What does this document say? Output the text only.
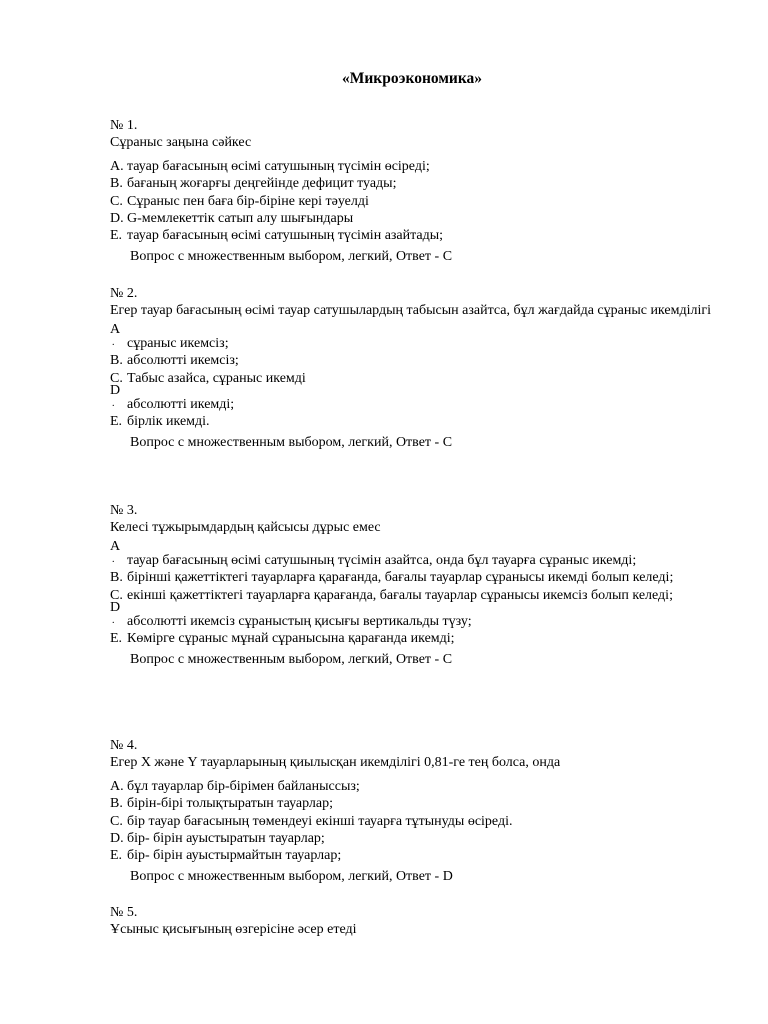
«Микроэкономика»
№ 1.
Сұраныс заңына сәйкес
A. тауар бағасының өсімі сатушының түсімін өсіреді;
B. бағаның жоғарғы деңгейінде дефицит туады;
C. Сұраныс пен баға бір-біріне кері тәуелді
D. G-мемлекеттік сатып алу шығындары
E. тауар бағасының өсімі сатушының түсімін азайтады;
Вопрос с множественным выбором, легкий, Ответ - C
№ 2.
Егер тауар бағасының өсімі тауар сатушылардың табысын азайтса, бұл жағдайда сұраныс икемділігі
A
. сұраныс икемсіз;
B. абсолютті икемсіз;
C. Табыс азайса, сұраныс икемді
D
. абсолютті икемді;
E. бірлік икемді.
Вопрос с множественным выбором, легкий, Ответ - C
№ 3.
Келесі тұжырымдардың қайсысы дұрыс емес
A
. тауар бағасының өсімі сатушының түсімін азайтса, онда бұл тауарға сұраныс икемді;
B. бірінші қажеттіктегі тауарларға қарағанда, бағалы тауарлар сұранысы икемді болып келеді;
C. екінші қажеттіктегі тауарларға қарағанда, бағалы тауарлар сұранысы икемсіз болып келеді;
D
. абсолютті икемсіз сұраныстың қисығы вертикальды түзу;
E. Көмірге сұраныс мұнай сұранысына қарағанда икемді;
Вопрос с множественным выбором, легкий, Ответ - C
№ 4.
Егер X және Y тауарларының қиылысқан икемділігі 0,81-ге тең болса, онда
A. бұл тауарлар бір-бірімен байланыссыз;
B. бірін-бірі толықтыратын тауарлар;
C. бір тауар бағасының төмендеуі екінші тауарға тұтынуды өсіреді.
D. бір- бірін ауыстыратын тауарлар;
E. бір- бірін ауыстырмайтын тауарлар;
Вопрос с множественным выбором, легкий, Ответ - D
№ 5.
Ұсыныс қисығының өзгерісіне әсер етеді
